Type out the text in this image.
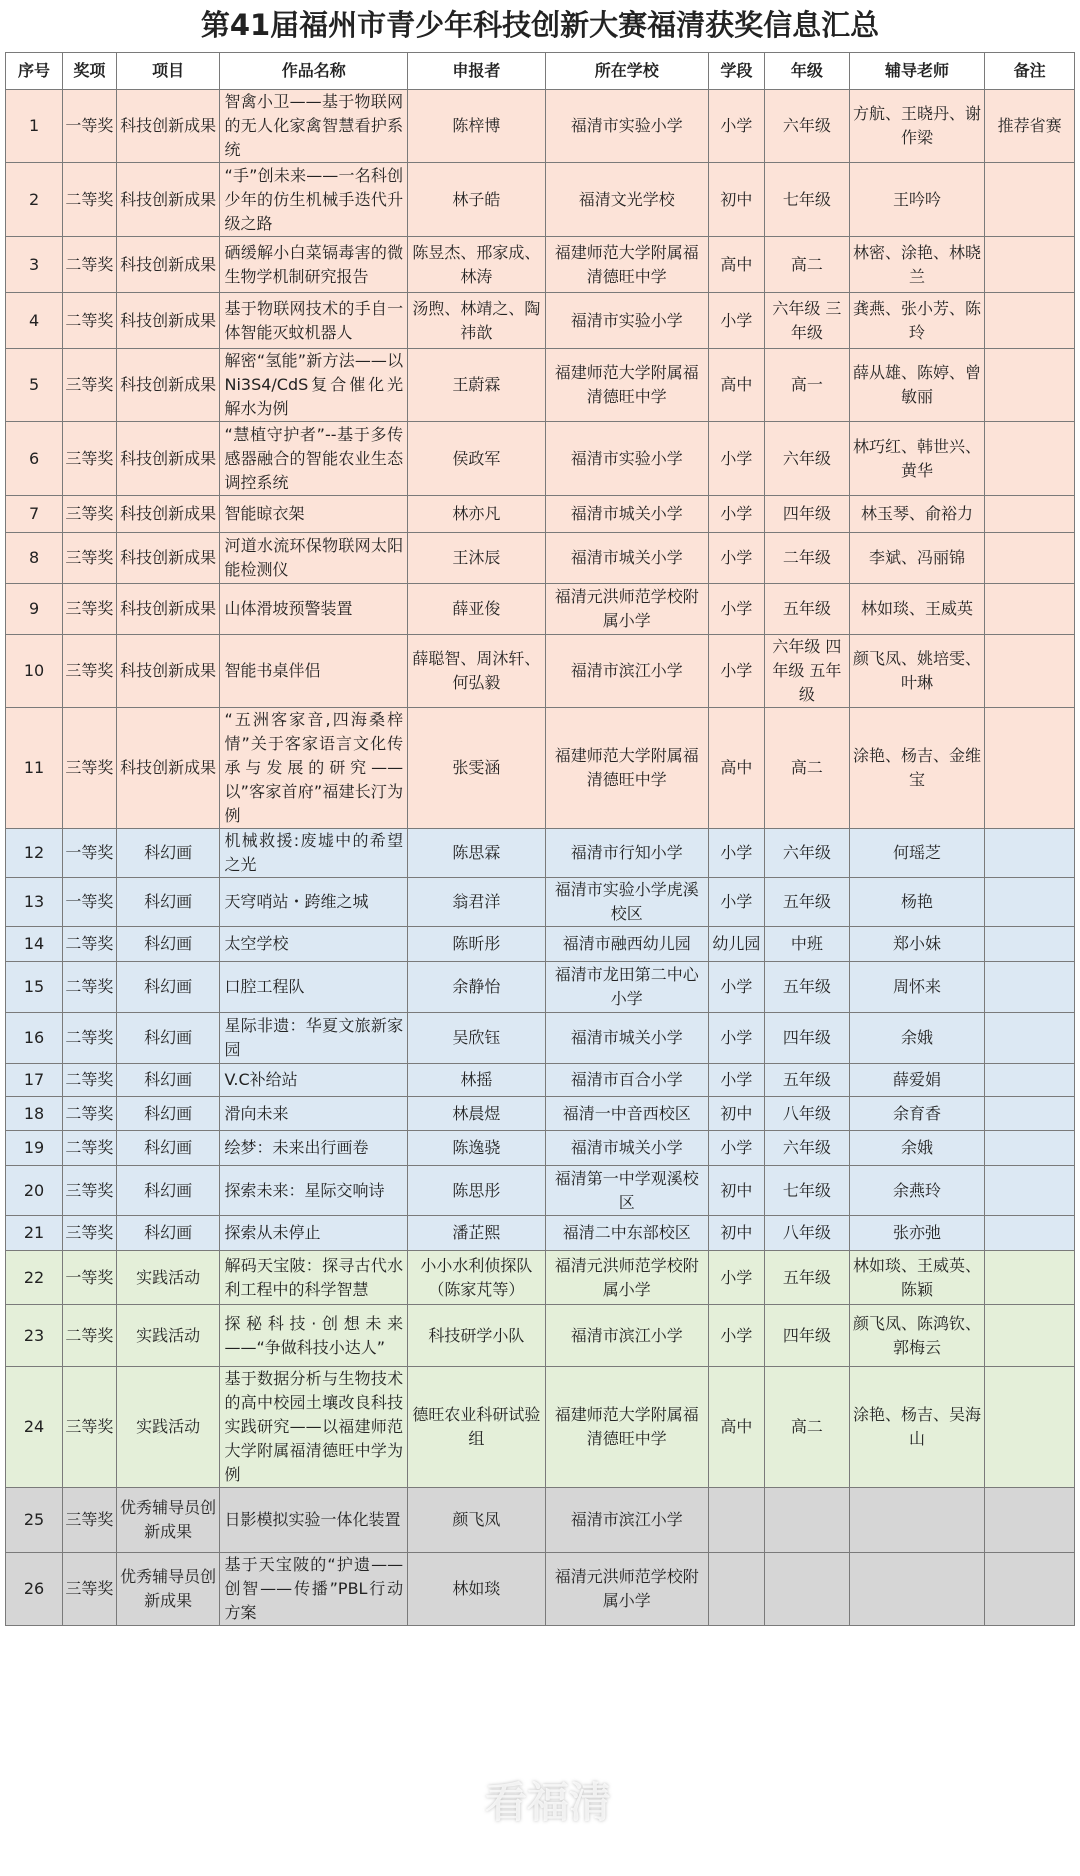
第41届福州市青少年科技创新大赛福清获奖信息汇总
序号	奖项	项目	作品名称	申报者	所在学校	学段	年级	辅导老师	备注
1	一等奖	科技创新成果	智禽小卫——基于物联网的无人化家禽智慧看护系统	陈梓博	福清市实验小学	小学	六年级	方航、王晓丹、谢作梁	推荐省赛
2	二等奖	科技创新成果	“手”创未来——一名科创少年的仿生机械手迭代升级之路	林子皓	福清文光学校	初中	七年级	王吟吟	
3	二等奖	科技创新成果	硒缓解小白菜镉毒害的微生物学机制研究报告	陈昱杰、邢家成、林涛	福建师范大学附属福清德旺中学	高中	高二	林密、涂艳、林晓兰	
4	二等奖	科技创新成果	基于物联网技术的手自一体智能灭蚊机器人	汤煦、林靖之、陶祎歆	福清市实验小学	小学	六年级 三年级	龚燕、张小芳、陈玲	
5	三等奖	科技创新成果	解密“氢能”新方法——以Ni3S4/CdS复合催化光解水为例	王蔚霖	福建师范大学附属福清德旺中学	高中	高一	薛从雄、陈婷、曾敏丽	
6	三等奖	科技创新成果	“慧植守护者”--基于多传感器融合的智能农业生态调控系统	侯政军	福清市实验小学	小学	六年级	林巧红、韩世兴、黄华	
7	三等奖	科技创新成果	智能晾衣架	林亦凡	福清市城关小学	小学	四年级	林玉琴、俞裕力	
8	三等奖	科技创新成果	河道水流环保物联网太阳能检测仪	王沐辰	福清市城关小学	小学	二年级	李斌、冯丽锦	
9	三等奖	科技创新成果	山体滑坡预警装置	薛亚俊	福清元洪师范学校附属小学	小学	五年级	林如琰、王威英	
10	三等奖	科技创新成果	智能书桌伴侣	薛聪智、周沐轩、何弘毅	福清市滨江小学	小学	六年级 四年级 五年级	颜飞凤、姚培雯、叶琳	
11	三等奖	科技创新成果	“五洲客家音,四海桑梓情”关于客家语言文化传承与发展的研究——以”客家首府”福建长汀为例	张雯涵	福建师范大学附属福清德旺中学	高中	高二	涂艳、杨吉、金维宝	
12	一等奖	科幻画	机械救援:废墟中的希望之光	陈思霖	福清市行知小学	小学	六年级	何瑶芝	
13	一等奖	科幻画	天穹哨站・跨维之城	翁君洋	福清市实验小学虎溪校区	小学	五年级	杨艳	
14	二等奖	科幻画	太空学校	陈昕彤	福清市融西幼儿园	幼儿园	中班	郑小妹	
15	二等奖	科幻画	口腔工程队	余静怡	福清市龙田第二中心小学	小学	五年级	周怀来	
16	二等奖	科幻画	星际非遗：华夏文旅新家园	吴欣钰	福清市城关小学	小学	四年级	余娥	
17	二等奖	科幻画	V.C补给站	林摇	福清市百合小学	小学	五年级	薛爱娟	
18	二等奖	科幻画	滑向未来	林晨煜	福清一中音西校区	初中	八年级	余育香	
19	二等奖	科幻画	绘梦：未来出行画卷	陈逸骁	福清市城关小学	小学	六年级	余娥	
20	三等奖	科幻画	探索未来：星际交响诗	陈思彤	福清第一中学观溪校区	初中	七年级	余燕玲	
21	三等奖	科幻画	探索从未停止	潘芷熙	福清二中东部校区	初中	八年级	张亦弛	
22	一等奖	实践活动	解码天宝陂：探寻古代水利工程中的科学智慧	小小水利侦探队（陈家芃等）	福清元洪师范学校附属小学	小学	五年级	林如琰、王威英、陈颖	
23	二等奖	实践活动	探秘科技·创想未来——“争做科技小达人”	科技研学小队	福清市滨江小学	小学	四年级	颜飞凤、陈鸿钦、郭梅云	
24	三等奖	实践活动	基于数据分析与生物技术的高中校园土壤改良科技实践研究——以福建师范大学附属福清德旺中学为例	德旺农业科研试验组	福建师范大学附属福清德旺中学	高中	高二	涂艳、杨吉、吴海山	
25	三等奖	优秀辅导员创新成果	日影模拟实验一体化装置	颜飞凤	福清市滨江小学				
26	三等奖	优秀辅导员创新成果	基于天宝陂的“护遗——创智——传播”PBL行动方案	林如琰	福清元洪师范学校附属小学				
看福清
